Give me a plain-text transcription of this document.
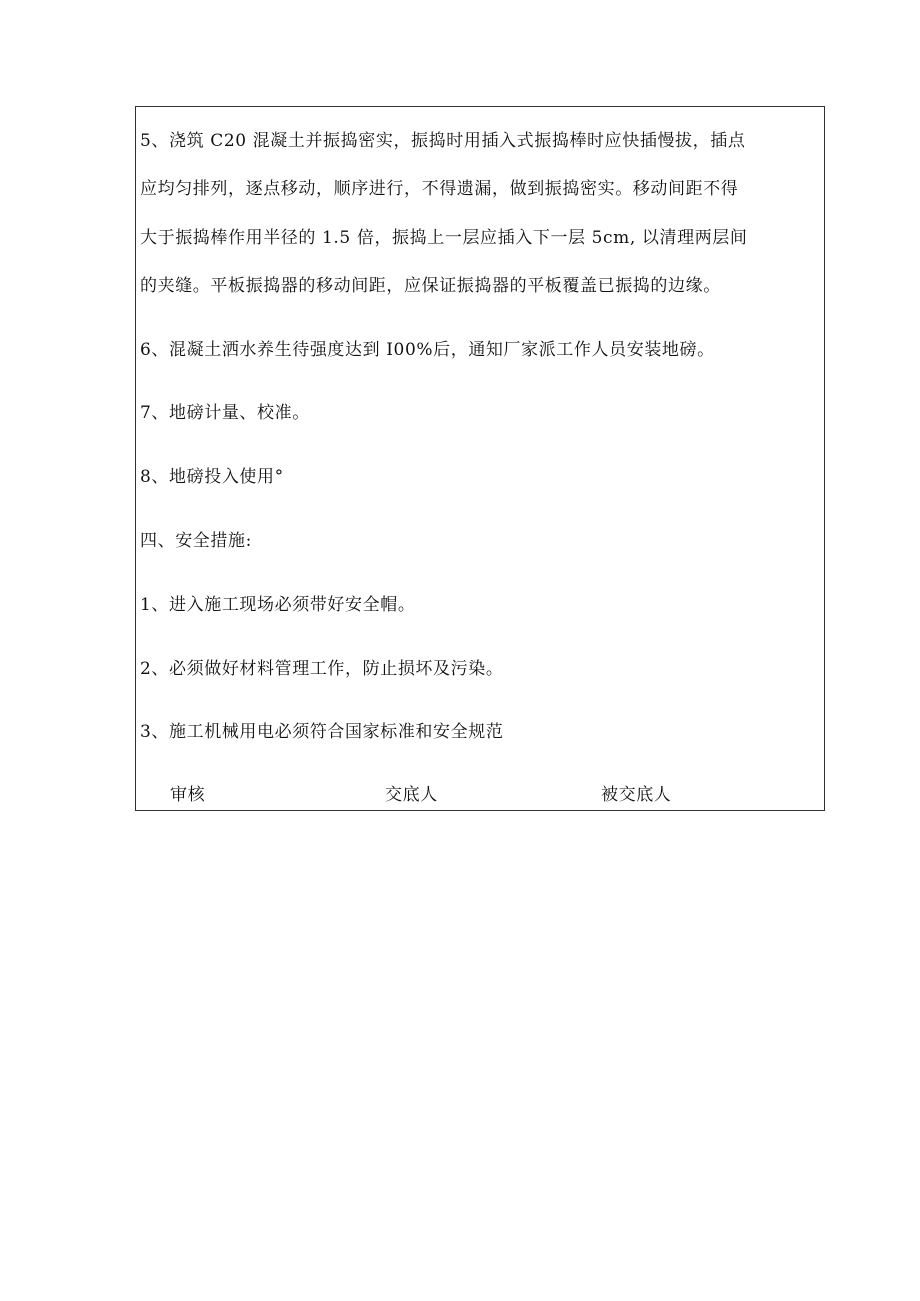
5、浇筑 C20 混凝土并振捣密实，振捣时用插入式振捣棒时应快插慢拔，插点
应均匀排列，逐点移动，顺序进行，不得遗漏，做到振捣密实。移动间距不得
大于振捣棒作用半径的 1.5 倍，振捣上一层应插入下一层 5cm, 以清理两层间
的夹缝。平板振捣器的移动间距，应保证振捣器的平板覆盖已振捣的边缘。
6、混凝土洒水养生待强度达到 I00%后，通知厂家派工作人员安装地磅。
7、地磅计量、校准。
8、地磅投入使用°
四、安全措施:
1、进入施工现场必须带好安全帽。
2、必须做好材料管理工作，防止损坏及污染。
3、施工机械用电必须符合国家标准和安全规范
审核	交底人	被交底人
